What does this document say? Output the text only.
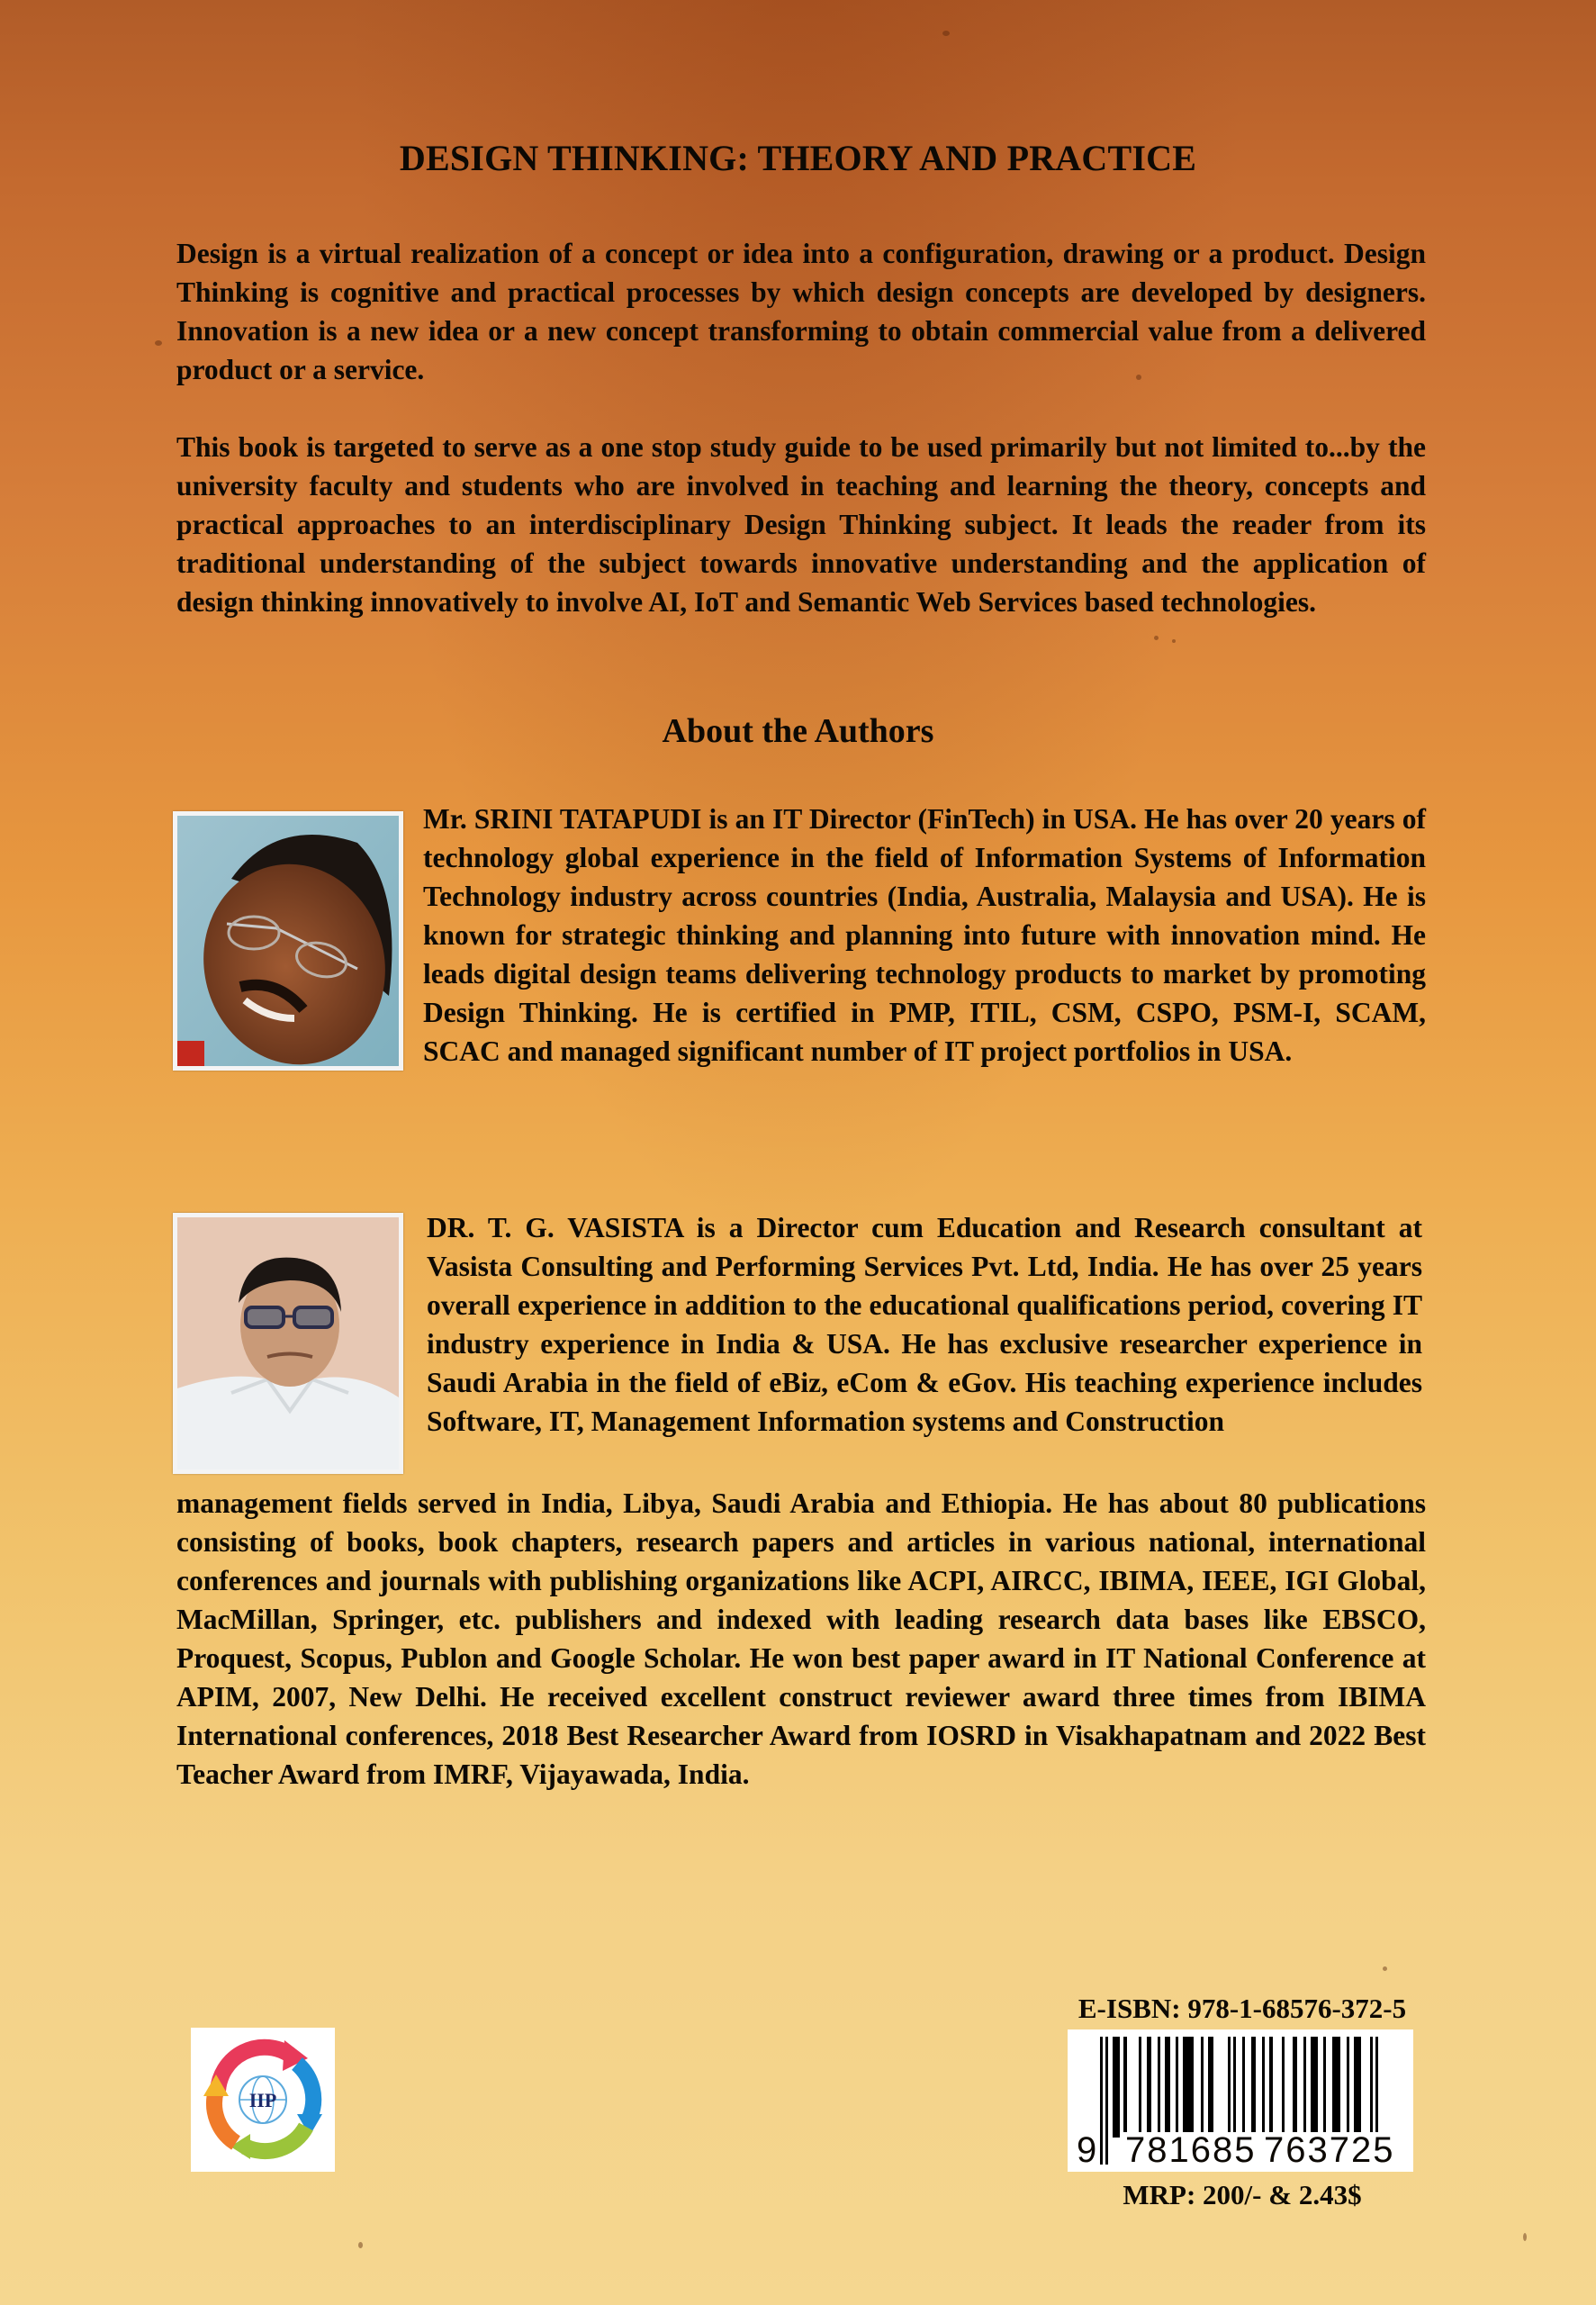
DESIGN THINKING: THEORY AND PRACTICE
Design is a virtual realization of a concept or idea into a configuration, drawing or a product. Design Thinking is cognitive and practical processes by which design concepts are developed by designers. Innovation is a new idea or a new concept transforming to obtain commercial value from a delivered product or a service.
This book is targeted to serve as a one stop study guide to be used primarily but not limited to...by the university faculty and students who are involved in teaching and learning the theory, concepts and practical approaches to an interdisciplinary Design Thinking subject. It leads the reader from its traditional understanding of the subject towards innovative understanding and the application of design thinking innovatively to involve AI, IoT and Semantic Web Services based technologies.
About the Authors
Mr. SRINI TATAPUDI is an IT Director (FinTech) in USA. He has over 20 years of technology global experience in the field of Information Systems of Information Technology industry across countries (India, Australia, Malaysia and USA). He is known for strategic thinking and planning into future with innovation mind. He leads digital design teams delivering technology products to market by promoting Design Thinking. He is certified in PMP, ITIL, CSM, CSPO, PSM-I, SCAM, SCAC and managed significant number of IT project portfolios in USA.
DR. T. G. VASISTA is a Director cum Education and Research consultant at Vasista Consulting and Performing Services Pvt. Ltd, India. He has over 25 years overall experience in addition to the educational qualifications period, covering IT industry experience in India & USA. He has exclusive researcher experience in Saudi Arabia in the field of eBiz, eCom & eGov. His teaching experience includes Software, IT, Management Information systems and Construction
management fields served in India, Libya, Saudi Arabia and Ethiopia. He has about 80 publications consisting of books, book chapters, research papers and articles in various national, international conferences and journals with publishing organizations like ACPI, AIRCC, IBIMA, IEEE, IGI Global, MacMillan, Springer, etc. publishers and indexed with leading research data bases like EBSCO, Proquest, Scopus, Publon and Google Scholar. He won best paper award in IT National Conference at APIM, 2007, New Delhi. He received excellent construct reviewer award three times from IBIMA International conferences, 2018 Best Researcher Award from IOSRD in Visakhapatnam and 2022 Best Teacher Award from IMRF, Vijayawada, India.
IIP
E-ISBN: 978-1-68576-372-5
9 781685 763725
MRP: 200/- & 2.43$
